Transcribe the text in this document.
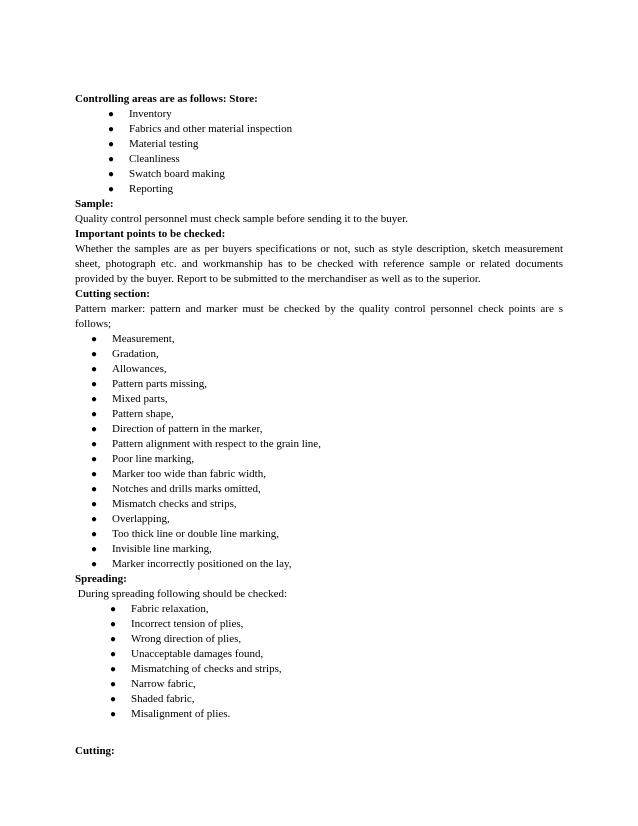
Controlling areas are as follows: Store:
● Inventory
● Fabrics and other material inspection
● Material testing
● Cleanliness
● Swatch board making
● Reporting
Sample:
Quality control personnel must check sample before sending it to the buyer.
Important points to be checked:
Whether the samples are as per buyers specifications or not, such as style description, sketch measurement sheet, photograph etc. and workmanship has to be checked with reference sample or related documents provided by the buyer. Report to be submitted to the merchandiser as well as to the superior.
Cutting section:
Pattern marker: pattern and marker must be checked by the quality control personnel check points are s follows;
● Measurement,
● Gradation,
● Allowances,
● Pattern parts missing,
● Mixed parts,
● Pattern shape,
● Direction of pattern in the marker,
● Pattern alignment with respect to the grain line,
● Poor line marking,
● Marker too wide than fabric width,
● Notches and drills marks omitted,
● Mismatch checks and strips,
● Overlapping,
● Too thick line or double line marking,
● Invisible line marking,
● Marker incorrectly positioned on the lay,
Spreading:
During spreading following should be checked:
● Fabric relaxation,
● Incorrect tension of plies,
● Wrong direction of plies,
● Unacceptable damages found,
● Mismatching of checks and strips,
● Narrow fabric,
● Shaded fabric,
● Misalignment of plies.
Cutting:
